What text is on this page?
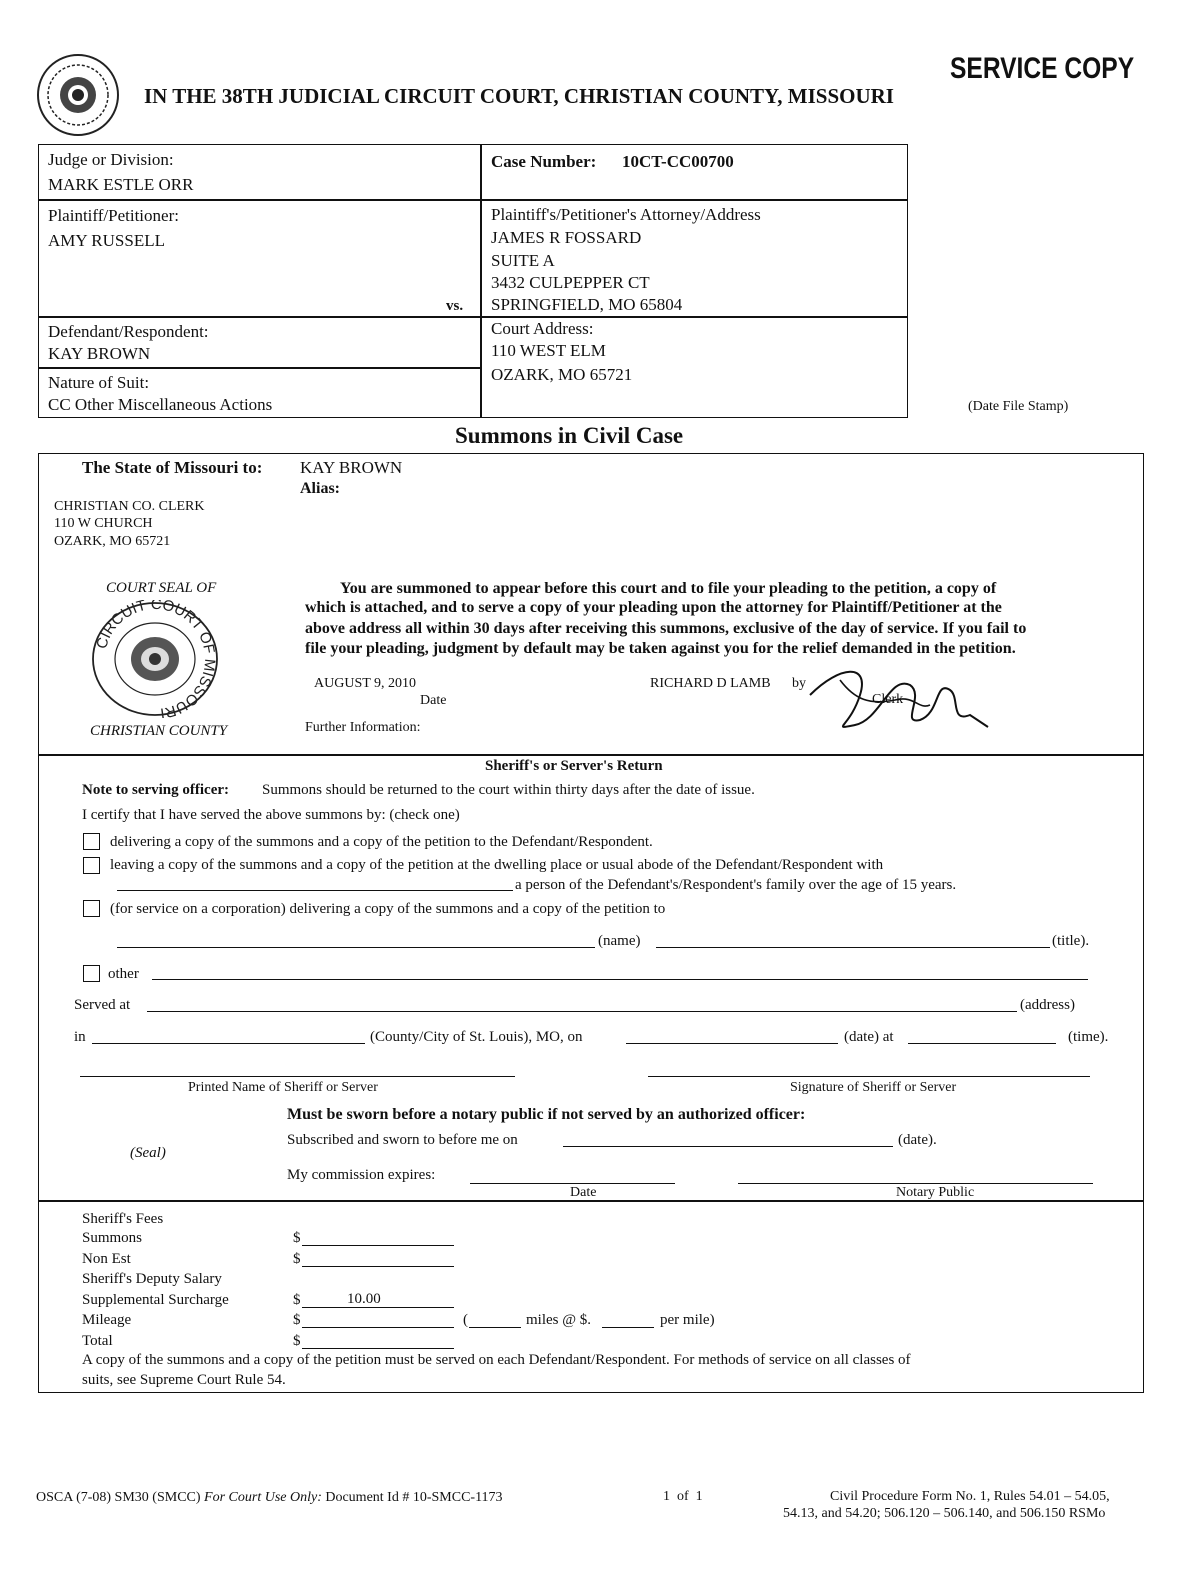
SERVICE COPY
IN THE 38TH JUDICIAL CIRCUIT COURT, CHRISTIAN COUNTY, MISSOURI
Judge or Division:
MARK ESTLE ORR
Case Number: 10CT-CC00700
Plaintiff/Petitioner:
AMY RUSSELL
vs.
Plaintiff's/Petitioner's Attorney/Address
JAMES R FOSSARD
SUITE A
3432 CULPEPPER CT
SPRINGFIELD, MO 65804
Defendant/Respondent:
KAY BROWN
Court Address:
110 WEST ELM
OZARK, MO 65721
Nature of Suit:
CC Other Miscellaneous Actions	(Date File Stamp)
Summons in Civil Case
The State of Missouri to: KAY BROWN
Alias:
CHRISTIAN CO. CLERK
110 W CHURCH
OZARK, MO 65721
COURT SEAL OF
CIRCUIT COURT OF MISSOURI
CHRISTIAN COUNTY
You are summoned to appear before this court and to file your pleading to the petition, a copy of
which is attached, and to serve a copy of your pleading upon the attorney for Plaintiff/Petitioner at the
above address all within 30 days after receiving this summons, exclusive of the day of service. If you fail to
file your pleading, judgment by default may be taken against you for the relief demanded in the petition.
AUGUST 9, 2010
Date
RICHARD D LAMB by
Clerk
Further Information:
Sheriff's or Server's Return
Note to serving officer: Summons should be returned to the court within thirty days after the date of issue.
I certify that I have served the above summons by: (check one)
delivering a copy of the summons and a copy of the petition to the Defendant/Respondent.
leaving a copy of the summons and a copy of the petition at the dwelling place or usual abode of the Defendant/Respondent with
a person of the Defendant's/Respondent's family over the age of 15 years.
(for service on a corporation) delivering a copy of the summons and a copy of the petition to
(name)	(title).
other
Served at	(address)
in	(County/City of St. Louis), MO, on	(date) at	(time).
Printed Name of Sheriff or Server	Signature of Sheriff or Server
Must be sworn before a notary public if not served by an authorized officer:
Subscribed and sworn to before me on	(date).
(Seal)
My commission expires:
Date	Notary Public
Sheriff's Fees
Summons	$
Non Est	$
Sheriff's Deputy Salary
Supplemental Surcharge	$	10.00
Mileage	$	(	miles @ $.	per mile)
Total	$
A copy of the summons and a copy of the petition must be served on each Defendant/Respondent. For methods of service on all classes of
suits, see Supreme Court Rule 54.
OSCA (7-08) SM30 (SMCC) For Court Use Only: Document Id # 10-SMCC-1173	1  of  1	Civil Procedure Form No. 1, Rules 54.01 – 54.05,
54.13, and 54.20; 506.120 – 506.140, and 506.150 RSMo
